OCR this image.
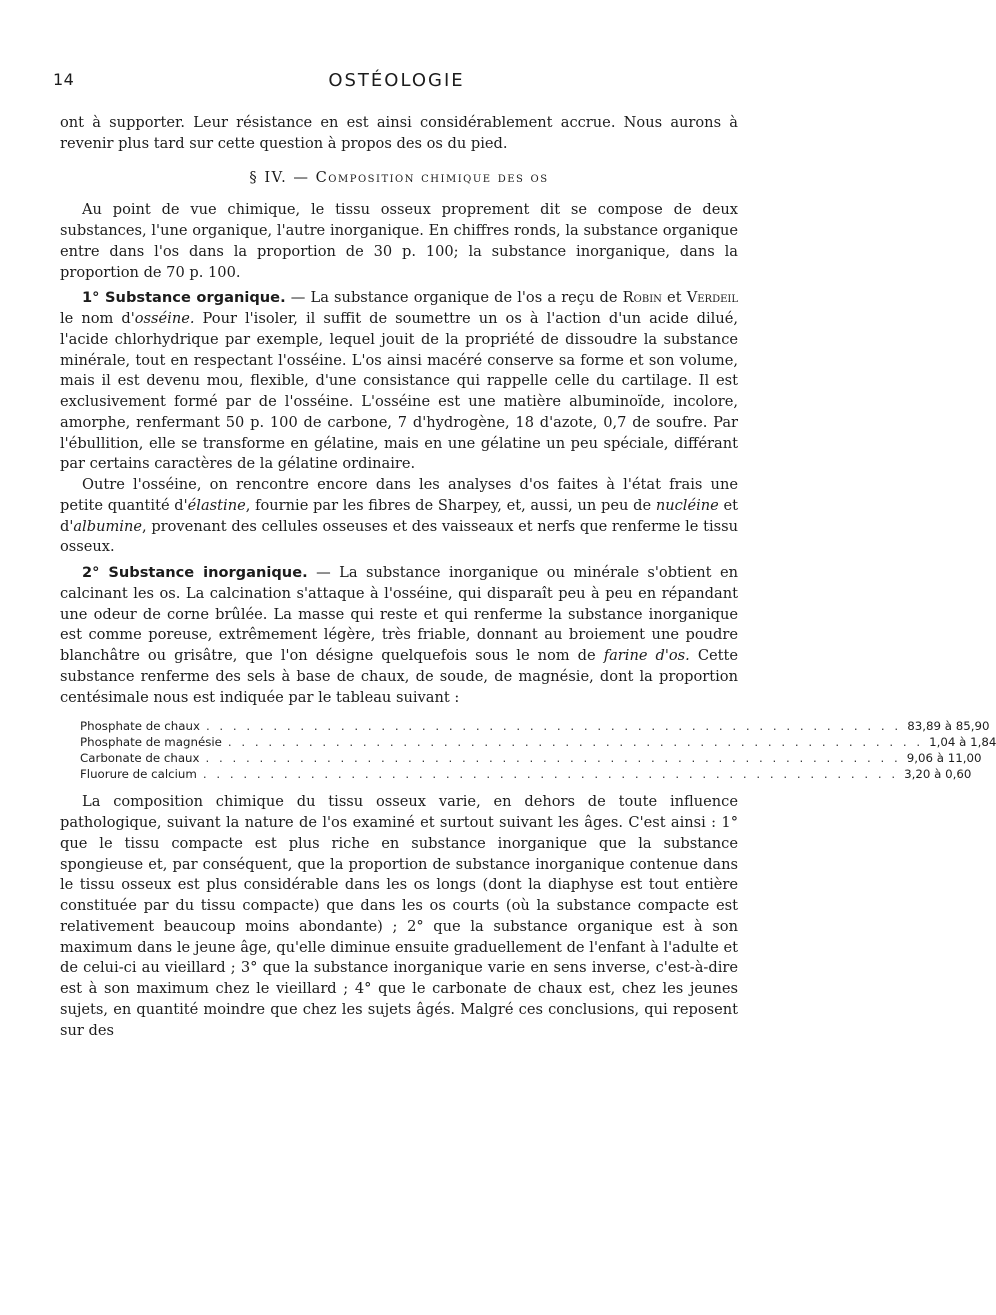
14	OSTÉOLOGIE

ont à supporter. Leur résistance en est ainsi considérablement accrue. Nous aurons à revenir plus tard sur cette question à propos des os du pied.

§ IV. — Composition chimique des os

Au point de vue chimique, le tissu osseux proprement dit se compose de deux substances, l'une organique, l'autre inorganique. En chiffres ronds, la substance organique entre dans l'os dans la proportion de 30 p. 100; la substance inorganique, dans la proportion de 70 p. 100.

1° Substance organique. — La substance organique de l'os a reçu de Robin et Verdeil le nom d'osséine. Pour l'isoler, il suffit de soumettre un os à l'action d'un acide dilué, l'acide chlorhydrique par exemple, lequel jouit de la propriété de dissoudre la substance minérale, tout en respectant l'osséine. L'os ainsi macéré conserve sa forme et son volume, mais il est devenu mou, flexible, d'une consistance qui rappelle celle du cartilage. Il est exclusivement formé par de l'osséine. L'osséine est une matière albuminoïde, incolore, amorphe, renfermant 50 p. 100 de carbone, 7 d'hydrogène, 18 d'azote, 0,7 de soufre. Par l'ébullition, elle se transforme en gélatine, mais en une gélatine un peu spéciale, différant par certains caractères de la gélatine ordinaire.

Outre l'osséine, on rencontre encore dans les analyses d'os faites à l'état frais une petite quantité d'élastine, fournie par les fibres de Sharpey, et, aussi, un peu de nucléine et d'albumine, provenant des cellules osseuses et des vaisseaux et nerfs que renferme le tissu osseux.

2° Substance inorganique. — La substance inorganique ou minérale s'obtient en calcinant les os. La calcination s'attaque à l'osséine, qui disparaît peu à peu en répandant une odeur de corne brûlée. La masse qui reste et qui renferme la substance inorganique est comme poreuse, extrêmement légère, très friable, donnant au broiement une poudre blanchâtre ou grisâtre, que l'on désigne quelquefois sous le nom de farine d'os. Cette substance renferme des sels à base de chaux, de soude, de magnésie, dont la proportion centésimale nous est indiquée par le tableau suivant :

Phosphate de chaux . . . . . . . . . . . . . . . . . . . . . . . . . . . . . . . . . . . . . . . . . . . . . . . . . . . . 83,89 à 85,90
Phosphate de magnésie . . . . . . . . . . . . . . . . . . . . . . . . . . . . . . . . . . . . . . . . . . . . . . . . . . . . 1,04 à 1,84
Carbonate de chaux . . . . . . . . . . . . . . . . . . . . . . . . . . . . . . . . . . . . . . . . . . . . . . . . . . . . 9,06 à 11,00
Fluorure de calcium . . . . . . . . . . . . . . . . . . . . . . . . . . . . . . . . . . . . . . . . . . . . . . . . . . . . 3,20 à 0,60

La composition chimique du tissu osseux varie, en dehors de toute influence pathologique, suivant la nature de l'os examiné et surtout suivant les âges. C'est ainsi : 1° que le tissu compacte est plus riche en substance inorganique que la substance spongieuse et, par conséquent, que la proportion de substance inorganique contenue dans le tissu osseux est plus considérable dans les os longs (dont la diaphyse est tout entière constituée par du tissu compacte) que dans les os courts (où la substance compacte est relativement beaucoup moins abondante) ; 2° que la substance organique est à son maximum dans le jeune âge, qu'elle diminue ensuite graduellement de l'enfant à l'adulte et de celui-ci au vieillard ; 3° que la substance inorganique varie en sens inverse, c'est-à-dire est à son maximum chez le vieillard ; 4° que le carbonate de chaux est, chez les jeunes sujets, en quantité moindre que chez les sujets âgés. Malgré ces conclusions, qui reposent sur des
